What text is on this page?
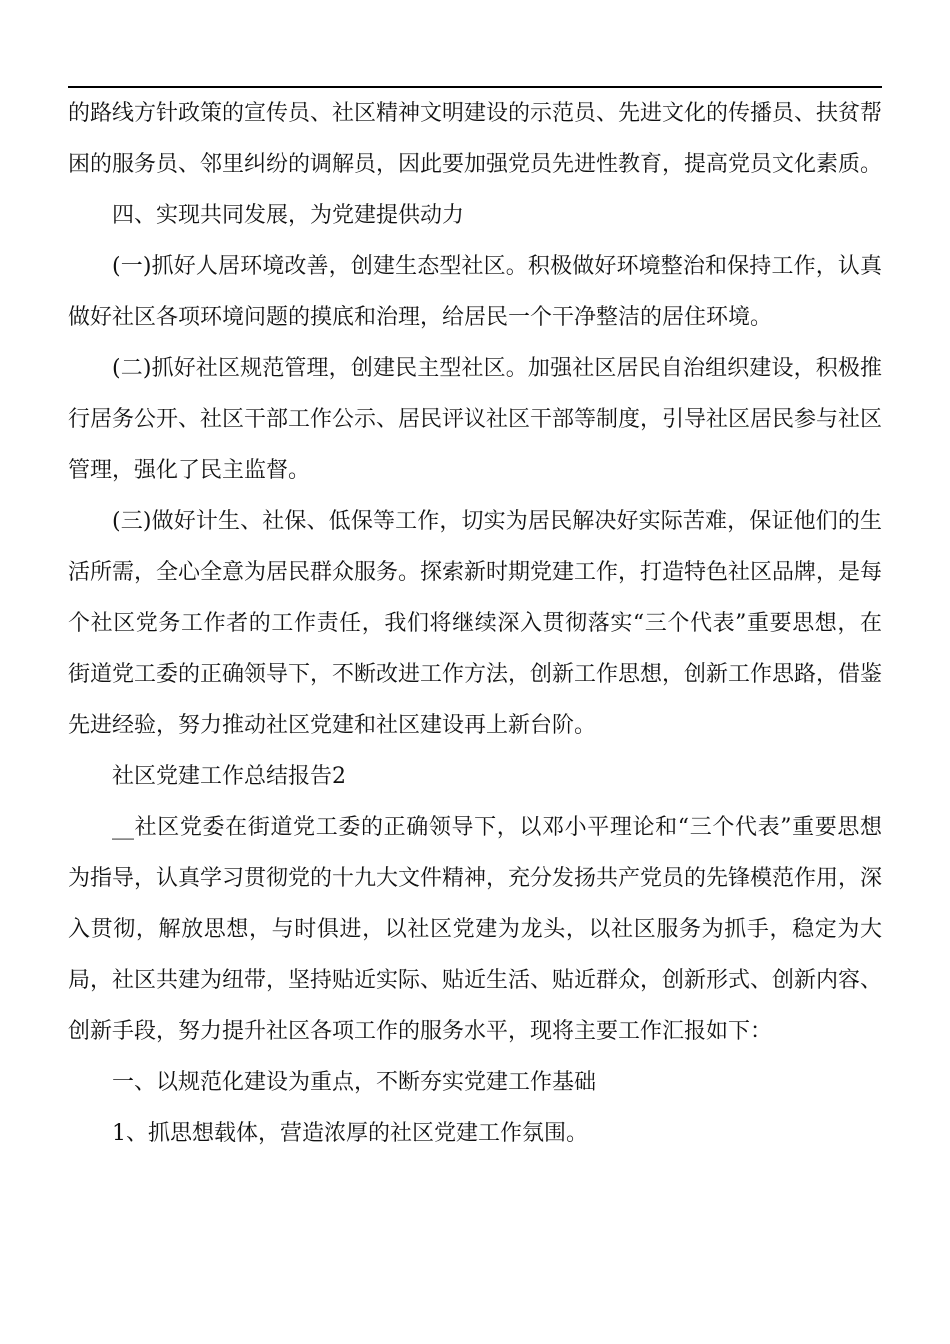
的路线方针政策的宣传员、社区精神文明建设的示范员、先进文化的传播员、扶贫帮困的服务员、邻里纠纷的调解员，因此要加强党员先进性教育，提高党员文化素质。

四、实现共同发展，为党建提供动力

(一)抓好人居环境改善，创建生态型社区。积极做好环境整治和保持工作，认真做好社区各项环境问题的摸底和治理，给居民一个干净整洁的居住环境。

(二)抓好社区规范管理，创建民主型社区。加强社区居民自治组织建设，积极推行居务公开、社区干部工作公示、居民评议社区干部等制度，引导社区居民参与社区管理，强化了民主监督。

(三)做好计生、社保、低保等工作，切实为居民解决好实际苦难，保证他们的生活所需，全心全意为居民群众服务。探索新时期党建工作，打造特色社区品牌，是每个社区党务工作者的工作责任，我们将继续深入贯彻落实“三个代表”重要思想，在街道党工委的正确领导下，不断改进工作方法，创新工作思想，创新工作思路，借鉴先进经验，努力推动社区党建和社区建设再上新台阶。

社区党建工作总结报告2

__社区党委在街道党工委的正确领导下，以邓小平理论和“三个代表”重要思想为指导，认真学习贯彻党的十九大文件精神，充分发扬共产党员的先锋模范作用，深入贯彻，解放思想，与时俱进，以社区党建为龙头，以社区服务为抓手，稳定为大局，社区共建为纽带，坚持贴近实际、贴近生活、贴近群众，创新形式、创新内容、创新手段，努力提升社区各项工作的服务水平，现将主要工作汇报如下：

一、以规范化建设为重点，不断夯实党建工作基础

1、抓思想载体，营造浓厚的社区党建工作氛围。
